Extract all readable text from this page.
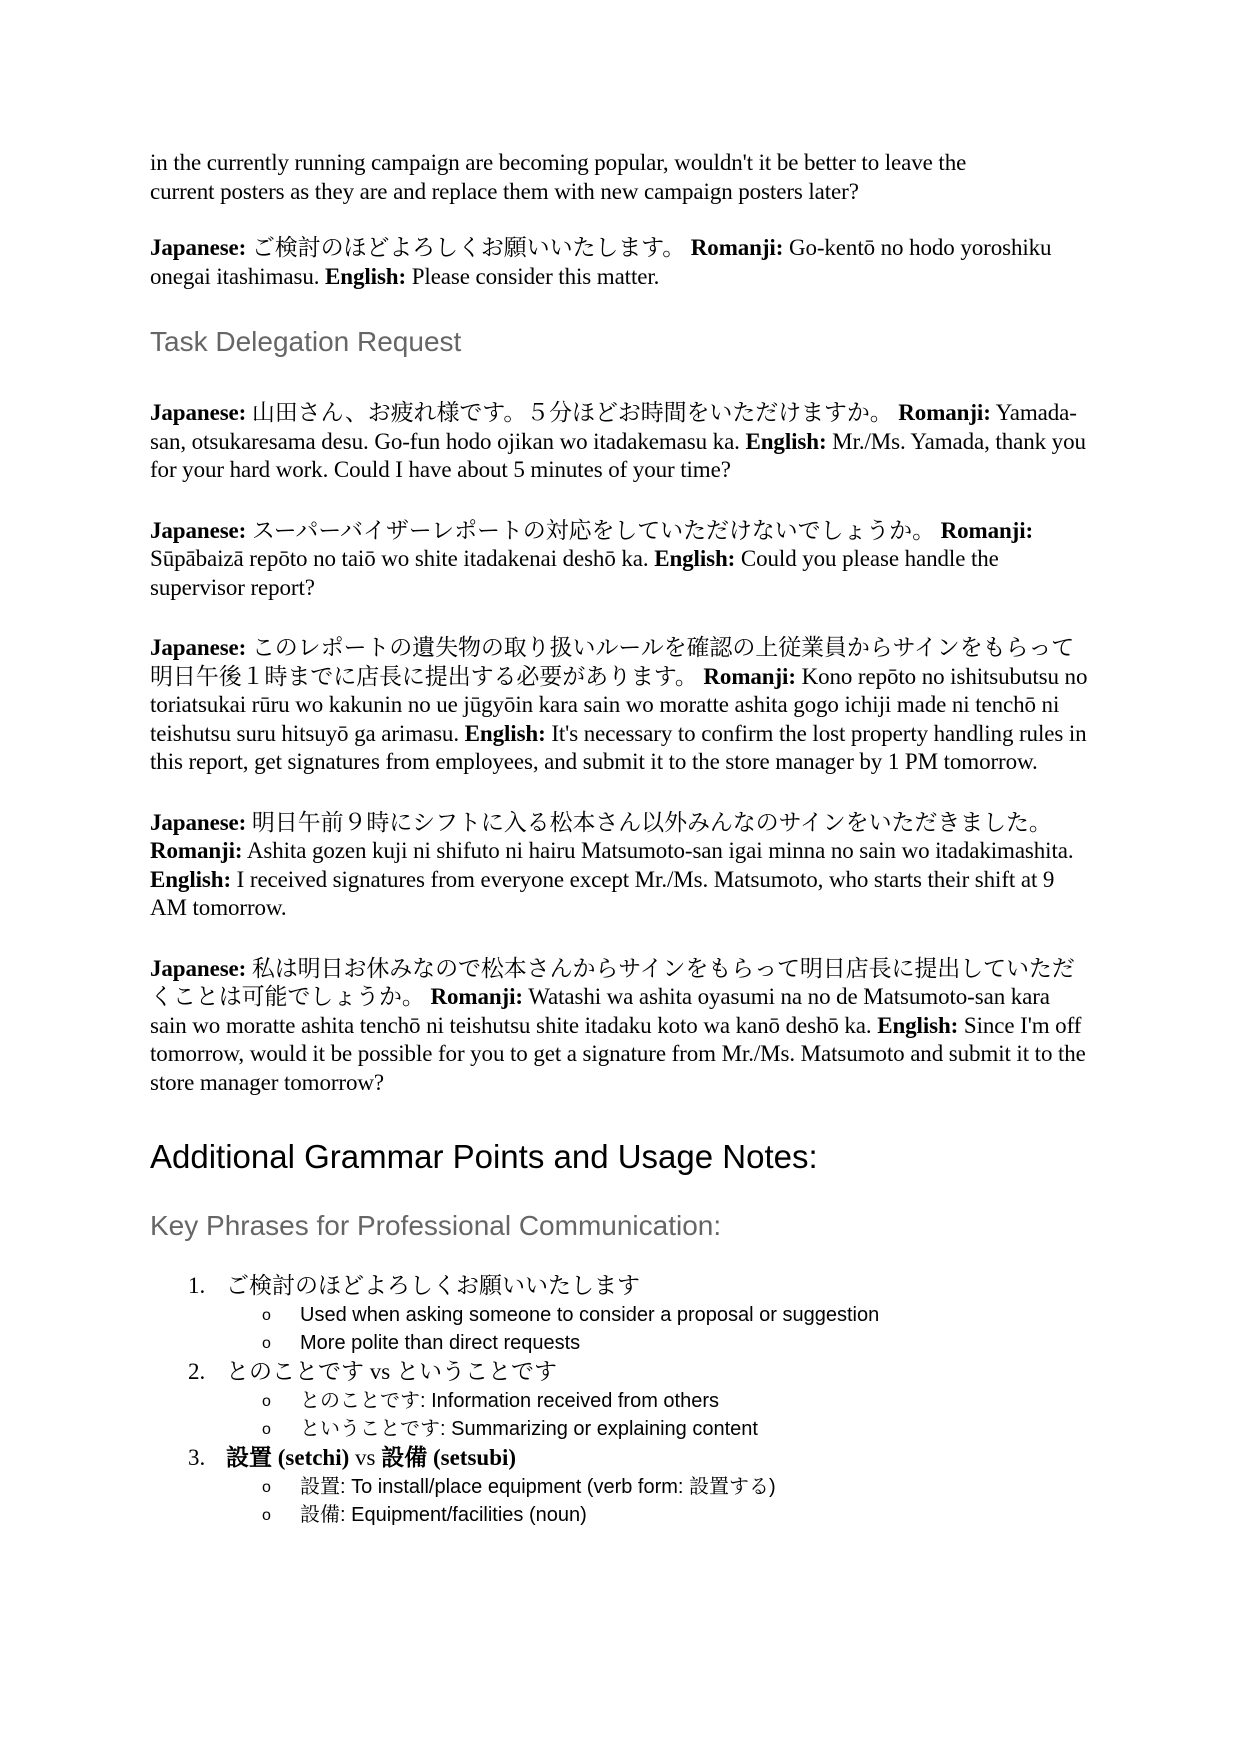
in the currently running campaign are becoming popular, wouldn't it be better to leave the
current posters as they are and replace them with new campaign posters later?

Japanese: ご検討のほどよろしくお願いいたします。 Romanji: Go-kentō no hodo yoroshiku onegai itashimasu. English: Please consider this matter.

Task Delegation Request

Japanese: 山田さん、お疲れ様です。５分ほどお時間をいただけますか。 Romanji: Yamada-san, otsukaresama desu. Go-fun hodo ojikan wo itadakemasu ka. English: Mr./Ms. Yamada, thank you for your hard work. Could I have about 5 minutes of your time?

Japanese: スーパーバイザーレポートの対応をしていただけないでしょうか。 Romanji: Sūpābaizā repōto no taiō wo shite itadakenai deshō ka. English: Could you please handle the supervisor report?

Japanese: このレポートの遺失物の取り扱いルールを確認の上従業員からサインをもらって明日午後１時までに店長に提出する必要があります。 Romanji: Kono repōto no ishitsubutsu no toriatsukai rūru wo kakunin no ue jūgyōin kara sain wo moratte ashita gogo ichiji made ni tenchō ni teishutsu suru hitsuyō ga arimasu. English: It's necessary to confirm the lost property handling rules in this report, get signatures from employees, and submit it to the store manager by 1 PM tomorrow.

Japanese: 明日午前９時にシフトに入る松本さん以外みんなのサインをいただきました。 Romanji: Ashita gozen kuji ni shifuto ni hairu Matsumoto-san igai minna no sain wo itadakimashita. English: I received signatures from everyone except Mr./Ms. Matsumoto, who starts their shift at 9 AM tomorrow.

Japanese: 私は明日お休みなので松本さんからサインをもらって明日店長に提出していただくことは可能でしょうか。 Romanji: Watashi wa ashita oyasumi na no de Matsumoto-san kara sain wo moratte ashita tenchō ni teishutsu shite itadaku koto wa kanō deshō ka. English: Since I'm off tomorrow, would it be possible for you to get a signature from Mr./Ms. Matsumoto and submit it to the store manager tomorrow?

Additional Grammar Points and Usage Notes:
Key Phrases for Professional Communication:
1. ご検討のほどよろしくお願いいたします
o Used when asking someone to consider a proposal or suggestion
o More polite than direct requests
2. とのことです vs ということです
o とのことです: Information received from others
o ということです: Summarizing or explaining content
3. 設置 (setchi) vs 設備 (setsubi)
o 設置: To install/place equipment (verb form: 設置する)
o 設備: Equipment/facilities (noun)
